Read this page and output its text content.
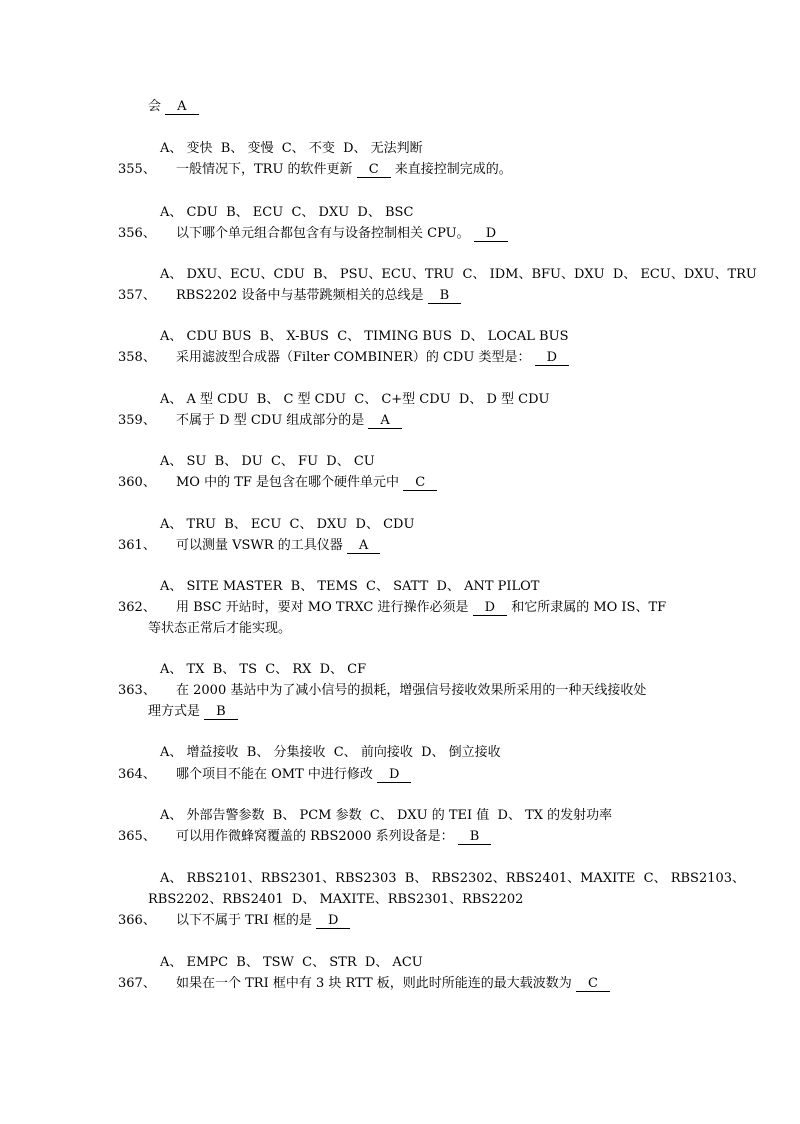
会 A
A、 变快  B、 变慢  C、 不变  D、 无法判断
355、 一般情况下，TRU 的软件更新 C 来直接控制完成的。
A、 CDU  B、 ECU  C、 DXU  D、 BSC
356、 以下哪个单元组合都包含有与设备控制相关 CPU。 D
A、 DXU、ECU、CDU  B、 PSU、ECU、TRU  C、 IDM、BFU、DXU  D、 ECU、DXU、TRU
357、 RBS2202 设备中与基带跳频相关的总线是 B
A、 CDU BUS  B、 X-BUS  C、 TIMING BUS  D、 LOCAL BUS
358、 采用滤波型合成器（Filter COMBINER）的 CDU 类型是： D
A、 A 型 CDU  B、 C 型 CDU  C、 C+型 CDU  D、 D 型 CDU
359、 不属于 D 型 CDU 组成部分的是 A
A、 SU  B、 DU  C、 FU  D、 CU
360、 MO 中的 TF 是包含在哪个硬件单元中 C
A、 TRU  B、 ECU  C、 DXU  D、 CDU
361、 可以测量 VSWR 的工具仪器 A
A、 SITE MASTER  B、 TEMS  C、 SATT  D、 ANT PILOT
362、 用 BSC 开站时，要对 MO TRXC 进行操作必须是 D 和它所隶属的 MO IS、TF
等状态正常后才能实现。
A、 TX  B、 TS  C、 RX  D、 CF
363、 在 2000 基站中为了减小信号的损耗，增强信号接收效果所采用的一种天线接收处
理方式是 B
A、 增益接收  B、 分集接收  C、 前向接收  D、 倒立接收
364、 哪个项目不能在 OMT 中进行修改 D
A、 外部告警参数  B、 PCM 参数  C、 DXU 的 TEI 值  D、 TX 的发射功率
365、 可以用作微蜂窝覆盖的 RBS2000 系列设备是： B
A、 RBS2101、RBS2301、RBS2303  B、 RBS2302、RBS2401、MAXITE  C、 RBS2103、
RBS2202、RBS2401  D、 MAXITE、RBS2301、RBS2202
366、 以下不属于 TRI 框的是 D
A、 EMPC  B、 TSW  C、 STR  D、 ACU
367、 如果在一个 TRI 框中有 3 块 RTT 板，则此时所能连的最大载波数为 C
